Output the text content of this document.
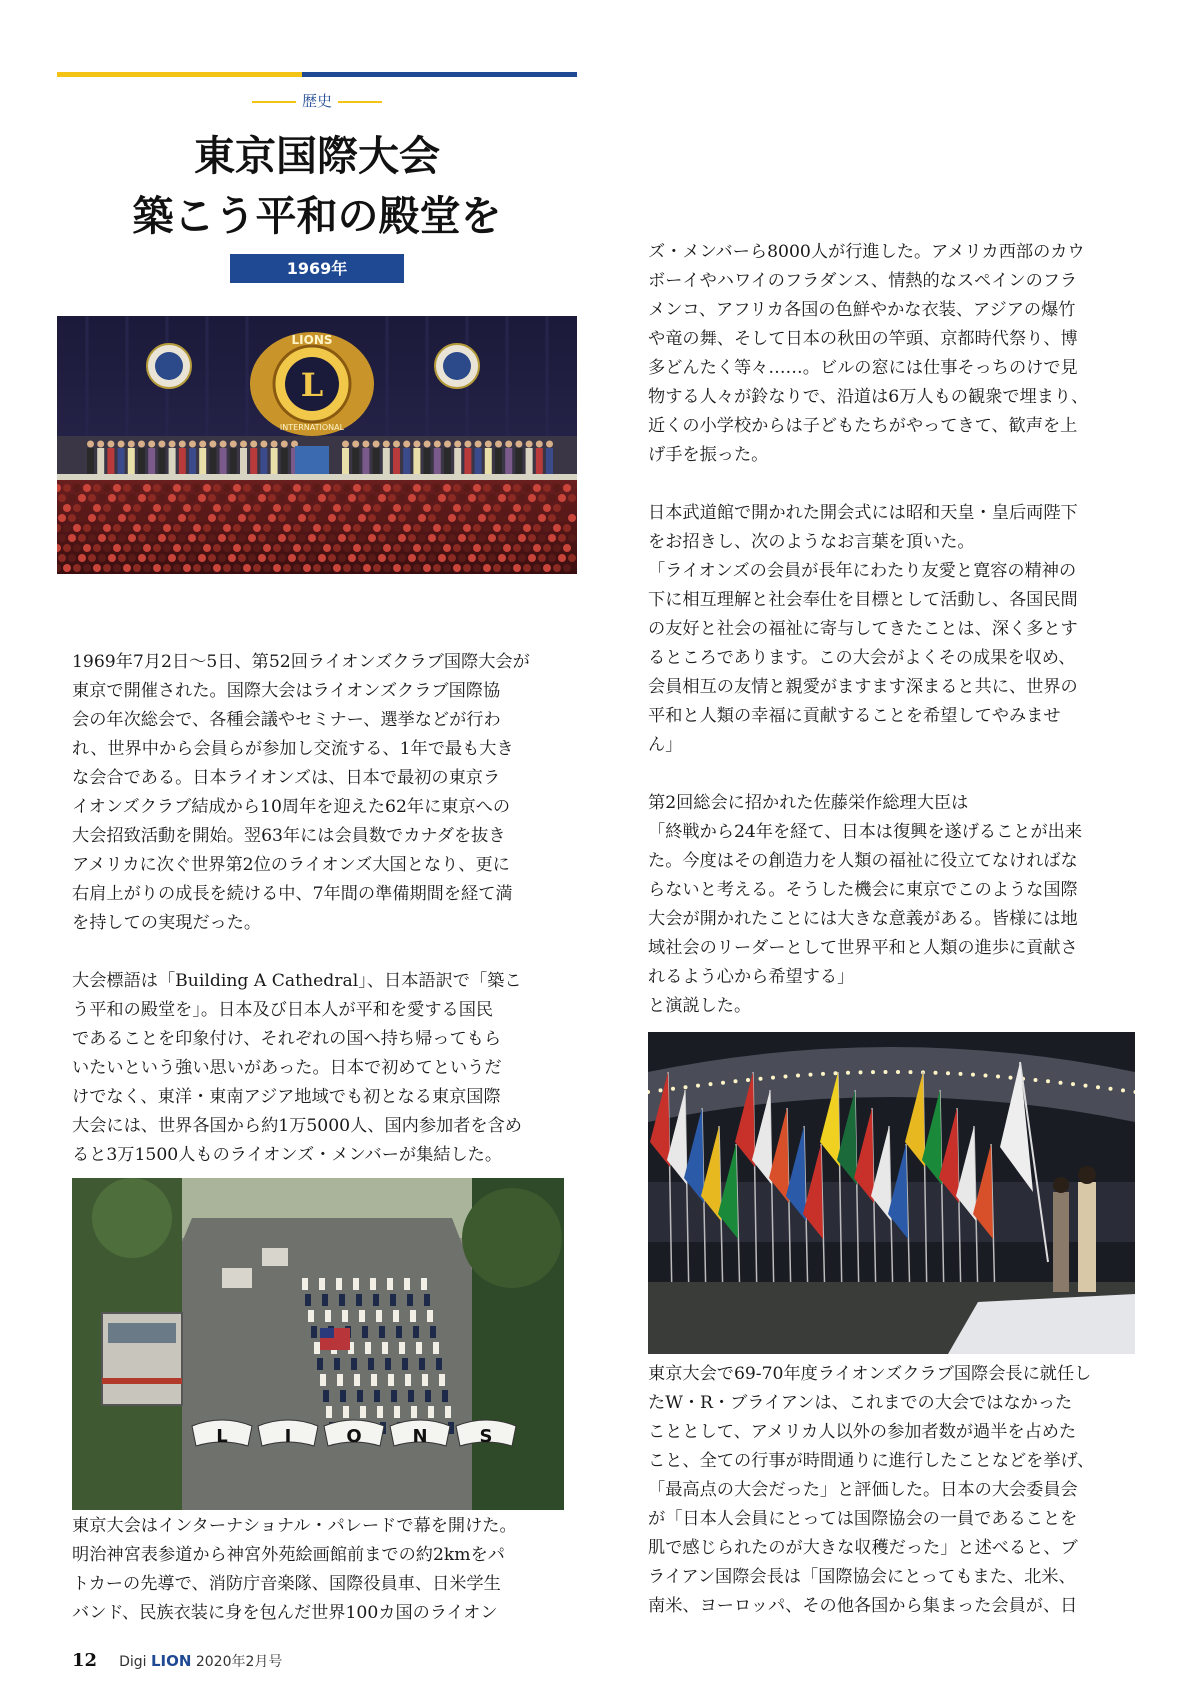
歴史
東京国際大会
築こう平和の殿堂を
1969年
L
LIONS
INTERNATIONAL

1969年7月2日〜5日、第52回ライオンズクラブ国際大会が
東京で開催された。国際大会はライオンズクラブ国際協
会の年次総会で、各種会議やセミナー、選挙などが行わ
れ、世界中から会員らが参加し交流する、1年で最も大き
な会合である。日本ライオンズは、日本で最初の東京ラ
イオンズクラブ結成から10周年を迎えた62年に東京への
大会招致活動を開始。翌63年には会員数でカナダを抜き
アメリカに次ぐ世界第2位のライオンズ大国となり、更に
右肩上がりの成長を続ける中、7年間の準備期間を経て満
を持しての実現だった。

大会標語は「Building A Cathedral」、日本語訳で「築こ
う平和の殿堂を」。日本及び日本人が平和を愛する国民
であることを印象付け、それぞれの国へ持ち帰ってもら
いたいという強い思いがあった。日本で初めてというだ
けでなく、東洋・東南アジア地域でも初となる東京国際
大会には、世界各国から約1万5000人、国内参加者を含め
ると3万1500人ものライオンズ・メンバーが集結した。

L	I	O	N	S

東京大会はインターナショナル・パレードで幕を開けた。
明治神宮表参道から神宮外苑絵画館前までの約2kmをパ
トカーの先導で、消防庁音楽隊、国際役員車、日米学生
バンド、民族衣装に身を包んだ世界100カ国のライオン

ズ・メンバーら8000人が行進した。アメリカ西部のカウ
ボーイやハワイのフラダンス、情熱的なスペインのフラ
メンコ、アフリカ各国の色鮮やかな衣装、アジアの爆竹
や竜の舞、そして日本の秋田の竿頭、京都時代祭り、博
多どんたく等々……。ビルの窓には仕事そっちのけで見
物する人々が鈴なりで、沿道は6万人もの観衆で埋まり、
近くの小学校からは子どもたちがやってきて、歓声を上
げ手を振った。

日本武道館で開かれた開会式には昭和天皇・皇后両陛下
をお招きし、次のようなお言葉を頂いた。
「ライオンズの会員が長年にわたり友愛と寛容の精神の
下に相互理解と社会奉仕を目標として活動し、各国民間
の友好と社会の福祉に寄与してきたことは、深く多とす
るところであります。この大会がよくその成果を収め、
会員相互の友情と親愛がますます深まると共に、世界の
平和と人類の幸福に貢献することを希望してやみませ
ん」

第2回総会に招かれた佐藤栄作総理大臣は
「終戦から24年を経て、日本は復興を遂げることが出来
た。今度はその創造力を人類の福祉に役立てなければな
らないと考える。そうした機会に東京でこのような国際
大会が開かれたことには大きな意義がある。皆様には地
域社会のリーダーとして世界平和と人類の進歩に貢献さ
れるよう心から希望する」
と演説した。

東京大会で69-70年度ライオンズクラブ国際会長に就任し
たW・R・ブライアンは、これまでの大会ではなかった
こととして、アメリカ人以外の参加者数が過半を占めた
こと、全ての行事が時間通りに進行したことなどを挙げ、
「最高点の大会だった」と評価した。日本の大会委員会
が「日本人会員にとっては国際協会の一員であることを
肌で感じられたのが大きな収穫だった」と述べると、ブ
ライアン国際会長は「国際協会にとってもまた、北米、
南米、ヨーロッパ、その他各国から集まった会員が、日

12 Digi LION 2020年2月号
